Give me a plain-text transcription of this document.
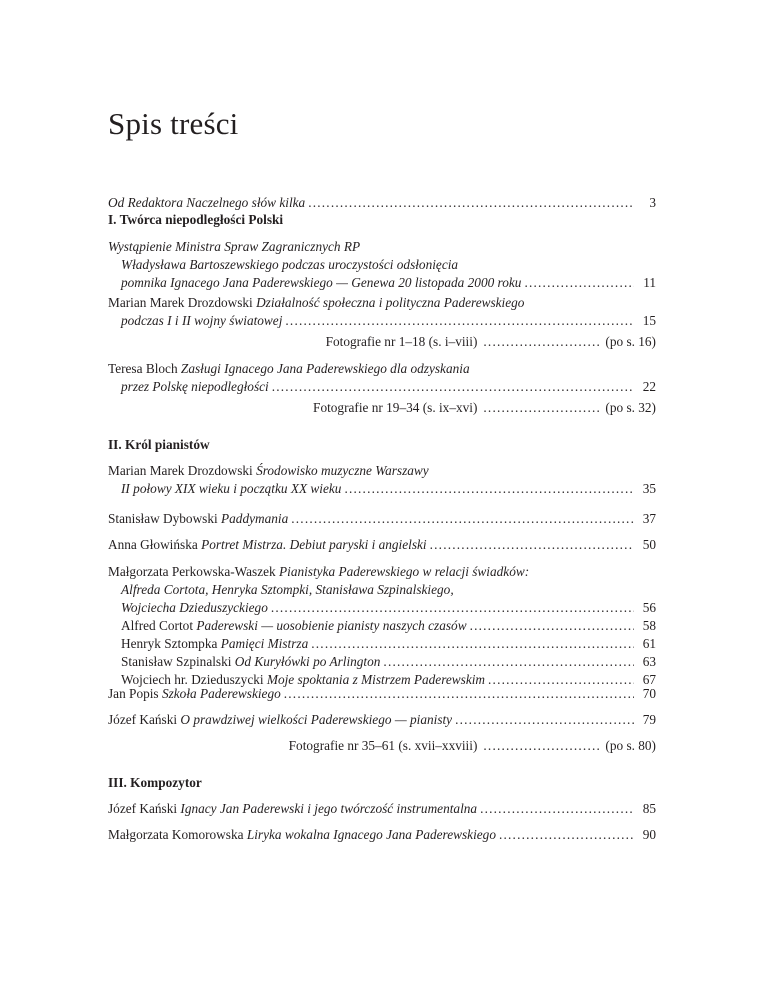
Spis treści
Od Redaktora Naczelnego słów kilka .....	3
I. Twórca niepodległości Polski
Wystąpienie Ministra Spraw Zagranicznych RP
Władysława Bartoszewskiego podczas uroczystości odsłonięcia
pomnika Ignacego Jana Paderewskiego — Genewa 20 listopada 2000 roku .....	11
Marian Marek Drozdowski Działalność społeczna i polityczna Paderewskiego
podczas I i II wojny światowej .....	15
Fotografie nr 1–18 (s. i–viii) .....	(po s. 16)
Teresa Bloch Zasługi Ignacego Jana Paderewskiego dla odzyskania
przez Polskę niepodległości .....	22
Fotografie nr 19–34 (s. ix–xvi) .....	(po s. 32)
II. Król pianistów
Marian Marek Drozdowski Środowisko muzyczne Warszawy
II połowy XIX wieku i początku XX wieku .....	35
Stanisław Dybowski Paddymania .....	37
Anna Głowińska Portret Mistrza. Debiut paryski i angielski .....	50
Małgorzata Perkowska-Waszek Pianistyka Paderewskiego w relacji świadków:
Alfreda Cortota, Henryka Sztompki, Stanisława Szpinalskiego,
Wojciecha Dzieduszyckiego .....	56
Alfred Cortot Paderewski — uosobienie pianisty naszych czasów .....	58
Henryk Sztompka Pamięci Mistrza .....	61
Stanisław Szpinalski Od Kuryłówki po Arlington .....	63
Wojciech hr. Dzieduszycki Moje spoktania z Mistrzem Paderewskim .....	67
Jan Popis Szkoła Paderewskiego .....	70
Józef Kański O prawdziwej wielkości Paderewskiego — pianisty .....	79
Fotografie nr 35–61 (s. xvii–xxviii) .....	(po s. 80)
III. Kompozytor
Józef Kański Ignacy Jan Paderewski i jego twórczość instrumentalna .....	85
Małgorzata Komorowska Liryka wokalna Ignacego Jana Paderewskiego .....	90
